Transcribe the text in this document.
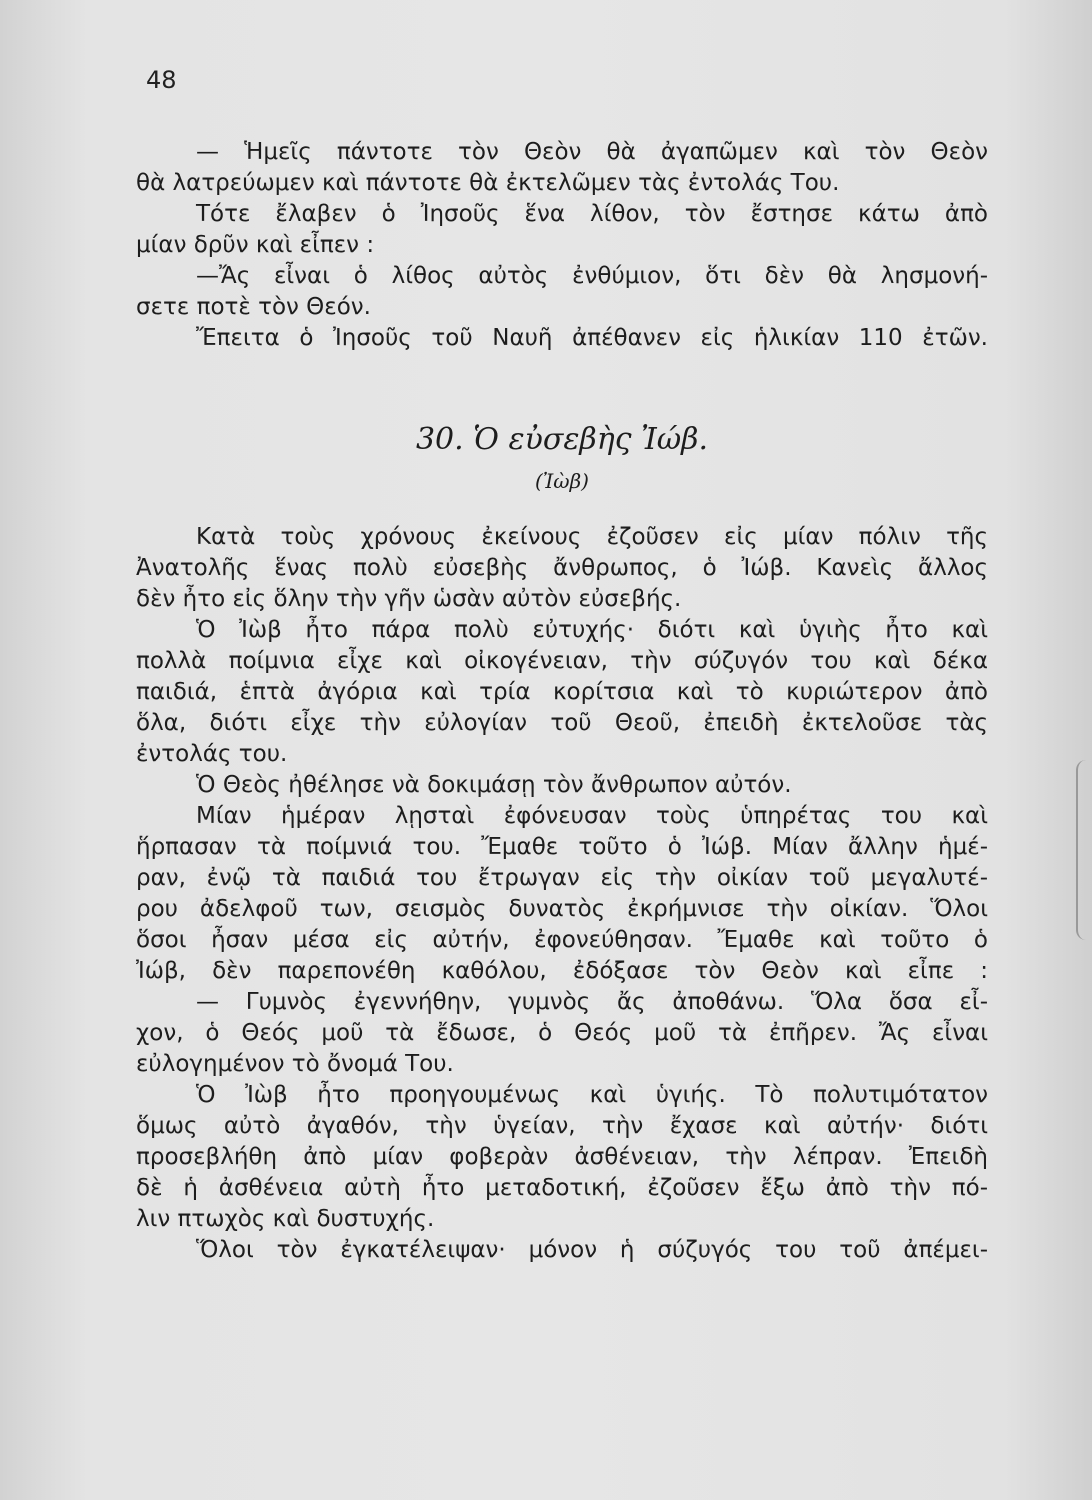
48
— Ἡμεῖς πάντοτε τὸν Θεὸν θὰ ἀγαπῶμεν καὶ τὸν Θεὸν
θὰ λατρεύωμεν καὶ πάντοτε θὰ ἐκτελῶμεν τὰς ἐντολάς Του.
Τότε ἔλαβεν ὁ Ἰησοῦς ἕνα λίθον, τὸν ἔστησε κάτω ἀπὸ
μίαν δρῦν καὶ εἶπεν :
—Ἄς εἶναι ὁ λίθος αὐτὸς ἐνθύμιον, ὅτι δὲν θὰ λησμονή-
σετε ποτὲ τὸν Θεόν.
Ἔπειτα ὁ Ἰησοῦς τοῦ Ναυῆ ἀπέθανεν εἰς ἡλικίαν 110 ἐτῶν.
30. Ὁ εὐσεβὴς Ἰώβ.
(Ἰὼβ)
Κατὰ τοὺς χρόνους ἐκείνους ἐζοῦσεν εἰς μίαν πόλιν τῆς
Ἀνατολῆς ἕνας πολὺ εὐσεβὴς ἄνθρωπος, ὁ Ἰώβ. Κανεὶς ἄλλος
δὲν ἦτο εἰς ὅλην τὴν γῆν ὡσὰν αὐτὸν εὐσεβής.
Ὁ Ἰὼβ ἦτο πάρα πολὺ εὐτυχής· διότι καὶ ὑγιὴς ἦτο καὶ
πολλὰ ποίμνια εἶχε καὶ οἰκογένειαν, τὴν σύζυγόν του καὶ δέκα
παιδιά, ἑπτὰ ἀγόρια καὶ τρία κορίτσια καὶ τὸ κυριώτερον ἀπὸ
ὅλα, διότι εἶχε τὴν εὐλογίαν τοῦ Θεοῦ, ἐπειδὴ ἐκτελοῦσε τὰς
ἐντολάς του.
Ὁ Θεὸς ἠθέλησε νὰ δοκιμάσῃ τὸν ἄνθρωπον αὐτόν.
Μίαν ἡμέραν λῃσταὶ ἐφόνευσαν τοὺς ὑπηρέτας του καὶ
ἥρπασαν τὰ ποίμνιά του. Ἔμαθε τοῦτο ὁ Ἰώβ. Μίαν ἄλλην ἡμέ-
ραν, ἐνῷ τὰ παιδιά του ἔτρωγαν εἰς τὴν οἰκίαν τοῦ μεγαλυτέ-
ρου ἀδελφοῦ των, σεισμὸς δυνατὸς ἐκρήμνισε τὴν οἰκίαν. Ὅλοι
ὅσοι ἦσαν μέσα εἰς αὐτήν, ἐφονεύθησαν. Ἔμαθε καὶ τοῦτο ὁ
Ἰώβ, δὲν παρεπονέθη καθόλου, ἐδόξασε τὸν Θεὸν καὶ εἶπε :
— Γυμνὸς ἐγεννήθην, γυμνὸς ἄς ἀποθάνω. Ὅλα ὅσα εἶ-
χον, ὁ Θεός μοῦ τὰ ἔδωσε, ὁ Θεός μοῦ τὰ ἐπῆρεν. Ἄς εἶναι
εὐλογημένον τὸ ὄνομά Του.
Ὁ Ἰὼβ ἦτο προηγουμένως καὶ ὑγιής. Τὸ πολυτιμότατον
ὅμως αὐτὸ ἀγαθόν, τὴν ὑγείαν, τὴν ἔχασε καὶ αὐτήν· διότι
προσεβλήθη ἀπὸ μίαν φοβερὰν ἀσθένειαν, τὴν λέπραν. Ἐπειδὴ
δὲ ἡ ἀσθένεια αὐτὴ ἦτο μεταδοτική, ἐζοῦσεν ἔξω ἀπὸ τὴν πό-
λιν πτωχὸς καὶ δυστυχής.
Ὅλοι τὸν ἐγκατέλειψαν· μόνον ἡ σύζυγός του τοῦ ἀπέμει-
